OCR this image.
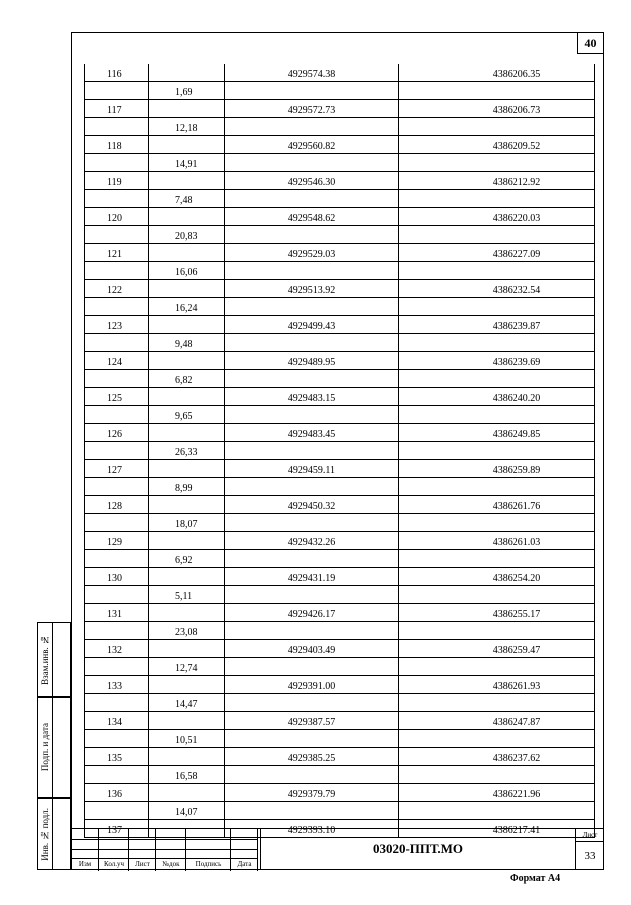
40
116		4929574.38	4386206.35
	1,69		
117		4929572.73	4386206.73
	12,18		
118		4929560.82	4386209.52
	14,91		
119		4929546.30	4386212.92
	7,48		
120		4929548.62	4386220.03
	20,83		
121		4929529.03	4386227.09
	16,06		
122		4929513.92	4386232.54
	16,24		
123		4929499.43	4386239.87
	9,48		
124		4929489.95	4386239.69
	6,82		
125		4929483.15	4386240.20
	9,65		
126		4929483.45	4386249.85
	26,33		
127		4929459.11	4386259.89
	8,99		
128		4929450.32	4386261.76
	18,07		
129		4929432.26	4386261.03
	6,92		
130		4929431.19	4386254.20
	5,11		
131		4929426.17	4386255.17
	23,08		
132		4929403.49	4386259.47
	12,74		
133		4929391.00	4386261.93
	14,47		
134		4929387.57	4386247.87
	10,51		
135		4929385.25	4386237.62
	16,58		
136		4929379.79	4386221.96
	14,07		
137		4929393.10	4386217.41
Взам.инв. №
Подп. и дата
Инв. № подл.
Изм	Кол.уч	Лист	№док	Подпись	Дата
03020-ППТ.МО
Лист
33
Формат А4
